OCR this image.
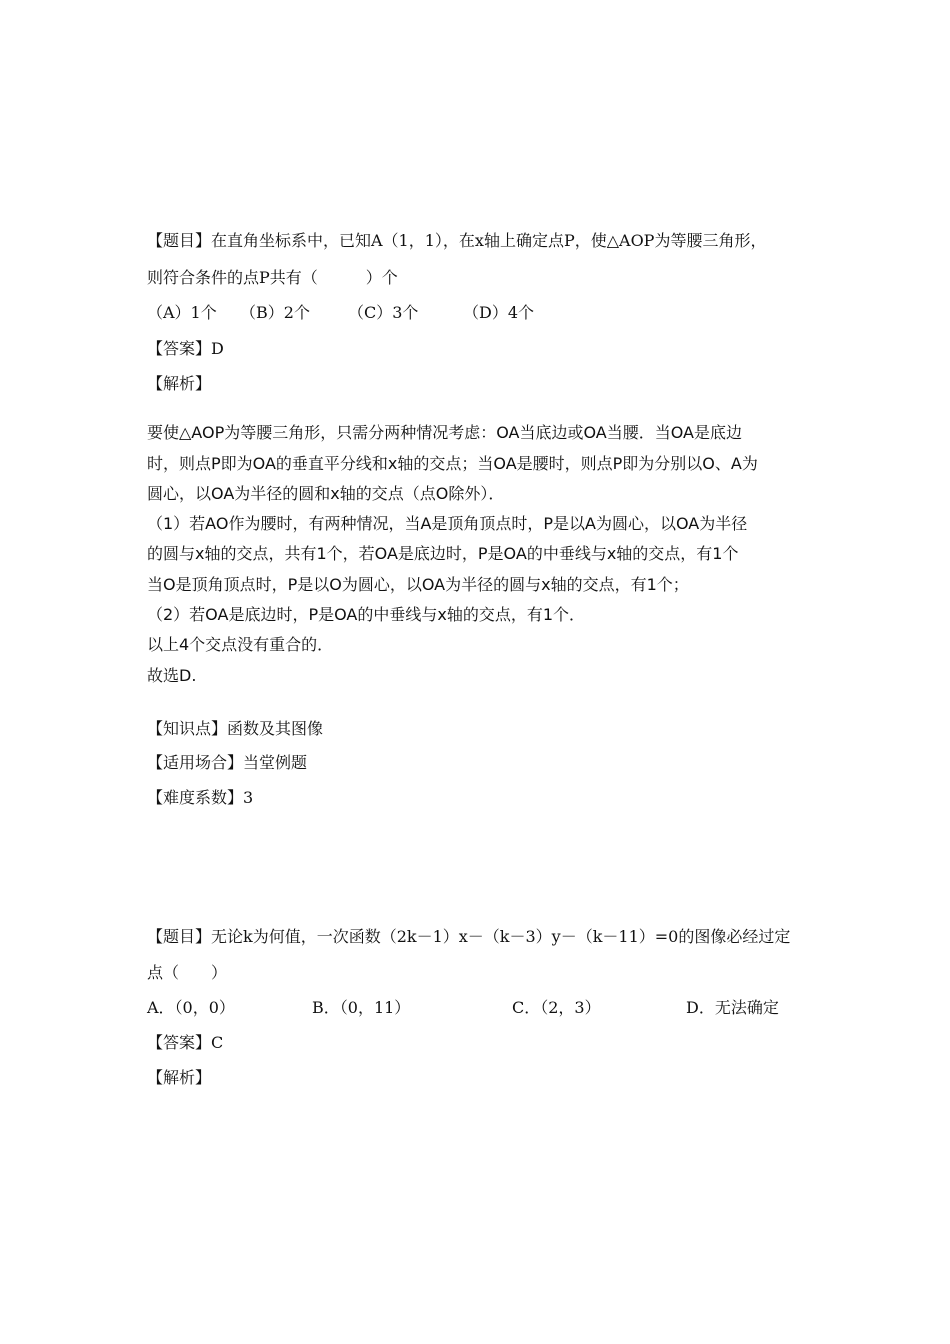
【题目】在直角坐标系中，已知A（1，1），在x轴上确定点P，使△AOP为等腰三角形，
则符合条件的点P共有（　　　）个
（A）1个 （B）2个 （C）3个	（D）4个
【答案】D
【解析】
要使△AOP为等腰三角形，只需分两种情况考虑：OA当底边或OA当腰．当OA是底边
时，则点P即为OA的垂直平分线和x轴的交点；当OA是腰时，则点P即为分别以O、A为
圆心，以OA为半径的圆和x轴的交点（点O除外）．
（1）若AO作为腰时，有两种情况，当A是顶角顶点时，P是以A为圆心，以OA为半径
的圆与x轴的交点，共有1个，若OA是底边时，P是OA的中垂线与x轴的交点，有1个
当O是顶角顶点时，P是以O为圆心，以OA为半径的圆与x轴的交点，有1个；
（2）若OA是底边时，P是OA的中垂线与x轴的交点，有1个．
以上4个交点没有重合的．
故选D.
【知识点】函数及其图像
【适用场合】当堂例题
【难度系数】3
【题目】无论k为何值，一次函数（2k－1）x－（k－3）y－（k－11）=0的图像必经过定
点（　　）
A．（0，0）	B．（0，11）	C．（2，3）	D．无法确定
【答案】C
【解析】
